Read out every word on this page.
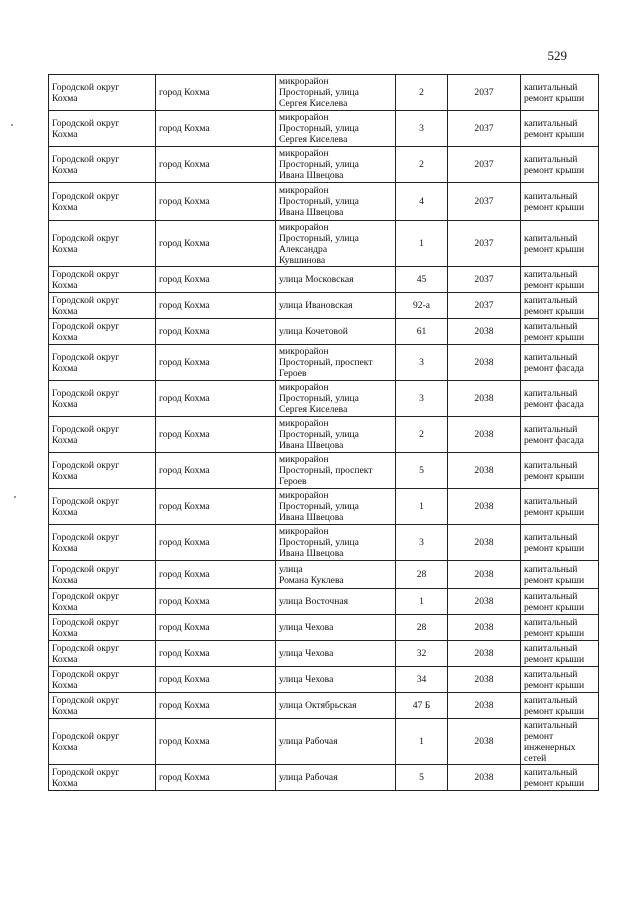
529
Городской округ
Кохма	город Кохма	микрорайон
Просторный, улица
Сергея Киселева	2	2037	капитальный
ремонт крыши

Городской округ
Кохма	город Кохма	микрорайон
Просторный, улица
Сергея Киселева	3	2037	капитальный
ремонт крыши

Городской округ
Кохма	город Кохма	микрорайон
Просторный, улица
Ивана Швецова	2	2037	капитальный
ремонт крыши

Городской округ
Кохма	город Кохма	микрорайон
Просторный, улица
Ивана Швецова	4	2037	капитальный
ремонт крыши

Городской округ
Кохма	город Кохма	микрорайон
Просторный, улица
Александра
Кувшинова	1	2037	капитальный
ремонт крыши

Городской округ
Кохма	город Кохма	улица Московская	45	2037	капитальный
ремонт крыши

Городской округ
Кохма	город Кохма	улица Ивановская	92-а	2037	капитальный
ремонт крыши

Городской округ
Кохма	город Кохма	улица Кочетовой	61	2038	капитальный
ремонт крыши

Городской округ
Кохма	город Кохма	микрорайон
Просторный, проспект
Героев	3	2038	капитальный
ремонт фасада

Городской округ
Кохма	город Кохма	микрорайон
Просторный, улица
Сергея Киселева	3	2038	капитальный
ремонт фасада

Городской округ
Кохма	город Кохма	микрорайон
Просторный, улица
Ивана Швецова	2	2038	капитальный
ремонт фасада

Городской округ
Кохма	город Кохма	микрорайон
Просторный, проспект
Героев	5	2038	капитальный
ремонт крыши

Городской округ
Кохма	город Кохма	микрорайон
Просторный, улица
Ивана Швецова	1	2038	капитальный
ремонт крыши

Городской округ
Кохма	город Кохма	микрорайон
Просторный, улица
Ивана Швецова	3	2038	капитальный
ремонт крыши

Городской округ
Кохма	город Кохма	улица
Романа Куклева	28	2038	капитальный
ремонт крыши

Городской округ
Кохма	город Кохма	улица Восточная	1	2038	капитальный
ремонт крыши

Городской округ
Кохма	город Кохма	улица Чехова	28	2038	капитальный
ремонт крыши

Городской округ
Кохма	город Кохма	улица Чехова	32	2038	капитальный
ремонт крыши

Городской округ
Кохма	город Кохма	улица Чехова	34	2038	капитальный
ремонт крыши

Городской округ
Кохма	город Кохма	улица Октябрьская	47 Б	2038	капитальный
ремонт крыши

Городской округ
Кохма	город Кохма	улица Рабочая	1	2038	капитальный
ремонт
инженерных
сетей

Городской округ
Кохма	город Кохма	улица Рабочая	5	2038	капитальный
ремонт крыши
